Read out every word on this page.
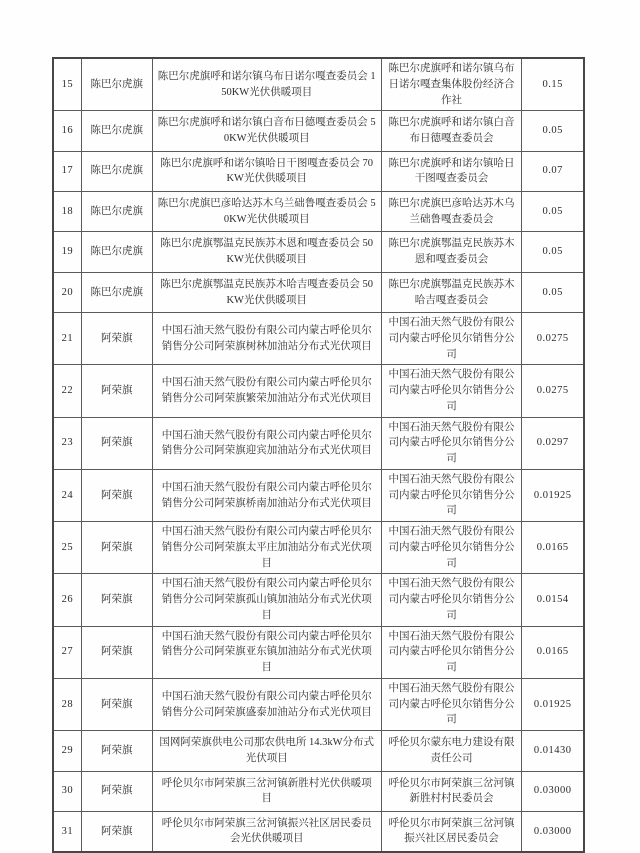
15	陈巴尔虎旗	陈巴尔虎旗呼和诺尔镇乌布日诺尔嘎查委员会 150KW光伏供暖项目	陈巴尔虎旗呼和诺尔镇乌布日诺尔嘎查集体股份经济合作社	0.15
16	陈巴尔虎旗	陈巴尔虎旗呼和诺尔镇白音布日德嘎查委员会 50KW光伏供暖项目	陈巴尔虎旗呼和诺尔镇白音布日德嘎查委员会	0.05
17	陈巴尔虎旗	陈巴尔虎旗呼和诺尔镇哈日干图嘎查委员会 70KW光伏供暖项目	陈巴尔虎旗呼和诺尔镇哈日干图嘎查委员会	0.07
18	陈巴尔虎旗	陈巴尔虎旗巴彦哈达苏木乌兰础鲁嘎查委员会 50KW光伏供暖项目	陈巴尔虎旗巴彦哈达苏木乌兰础鲁嘎查委员会	0.05
19	陈巴尔虎旗	陈巴尔虎旗鄂温克民族苏木恩和嘎查委员会 50KW光伏供暖项目	陈巴尔虎旗鄂温克民族苏木恩和嘎查委员会	0.05
20	陈巴尔虎旗	陈巴尔虎旗鄂温克民族苏木哈吉嘎查委员会 50KW光伏供暖项目	陈巴尔虎旗鄂温克民族苏木哈吉嘎查委员会	0.05
21	阿荣旗	中国石油天然气股份有限公司内蒙古呼伦贝尔销售分公司阿荣旗树林加油站分布式光伏项目	中国石油天然气股份有限公司内蒙古呼伦贝尔销售分公司	0.0275
22	阿荣旗	中国石油天然气股份有限公司内蒙古呼伦贝尔销售分公司阿荣旗繁荣加油站分布式光伏项目	中国石油天然气股份有限公司内蒙古呼伦贝尔销售分公司	0.0275
23	阿荣旗	中国石油天然气股份有限公司内蒙古呼伦贝尔销售分公司阿荣旗迎宾加油站分布式光伏项目	中国石油天然气股份有限公司内蒙古呼伦贝尔销售分公司	0.0297
24	阿荣旗	中国石油天然气股份有限公司内蒙古呼伦贝尔销售分公司阿荣旗桥南加油站分布式光伏项目	中国石油天然气股份有限公司内蒙古呼伦贝尔销售分公司	0.01925
25	阿荣旗	中国石油天然气股份有限公司内蒙古呼伦贝尔销售分公司阿荣旗太平庄加油站分布式光伏项目	中国石油天然气股份有限公司内蒙古呼伦贝尔销售分公司	0.0165
26	阿荣旗	中国石油天然气股份有限公司内蒙古呼伦贝尔销售分公司阿荣旗孤山镇加油站分布式光伏项目	中国石油天然气股份有限公司内蒙古呼伦贝尔销售分公司	0.0154
27	阿荣旗	中国石油天然气股份有限公司内蒙古呼伦贝尔销售分公司阿荣旗亚东镇加油站分布式光伏项目	中国石油天然气股份有限公司内蒙古呼伦贝尔销售分公司	0.0165
28	阿荣旗	中国石油天然气股份有限公司内蒙古呼伦贝尔销售分公司阿荣旗盛泰加油站分布式光伏项目	中国石油天然气股份有限公司内蒙古呼伦贝尔销售分公司	0.01925
29	阿荣旗	国网阿荣旗供电公司那农供电所 14.3kW分布式光伏项目	呼伦贝尔蒙东电力建设有限责任公司	0.01430
30	阿荣旗	呼伦贝尔市阿荣旗三岔河镇新胜村光伏供暖项目	呼伦贝尔市阿荣旗三岔河镇新胜村村民委员会	0.03000
31	阿荣旗	呼伦贝尔市阿荣旗三岔河镇振兴社区居民委员会光伏供暖项目	呼伦贝尔市阿荣旗三岔河镇振兴社区居民委员会	0.03000
